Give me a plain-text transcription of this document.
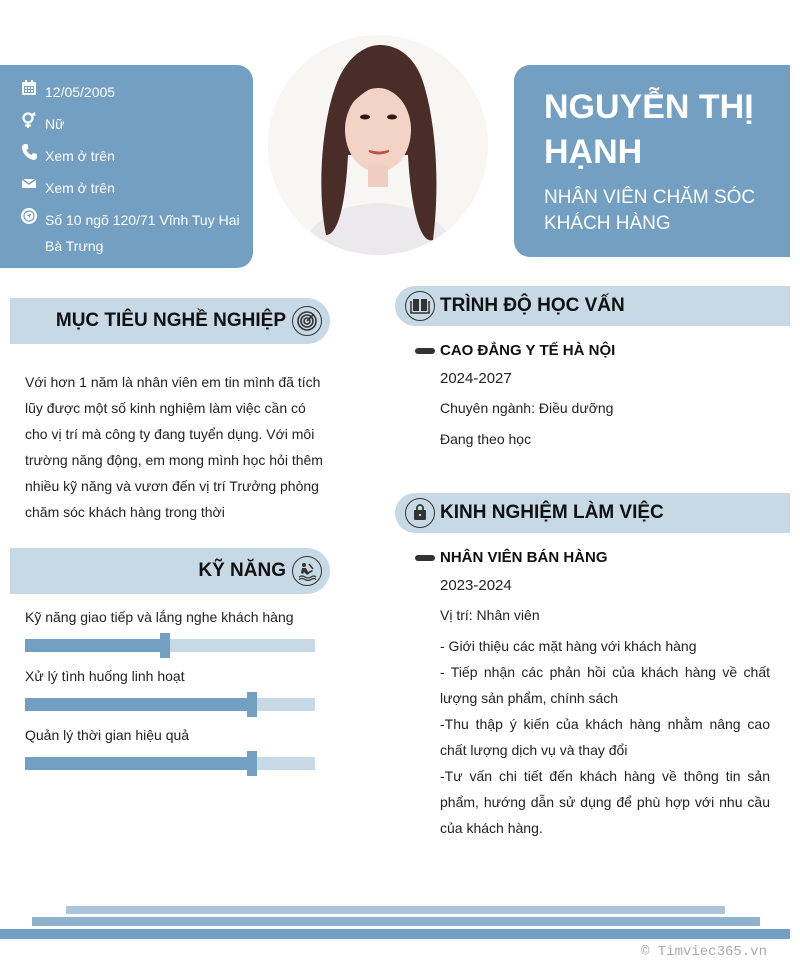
12/05/2005
Nữ
Xem ở trên
Xem ở trên
Số 10 ngõ 120/71 Vĩnh Tuy Hai Bà Trưng
NGUYỄN THỊ HẠNH
NHÂN VIÊN CHĂM SÓC KHÁCH HÀNG
MỤC TIÊU NGHỀ NGHIỆP
Với hơn 1 năm là nhân viên em tin mình đã tích lũy được một số kinh nghiệm làm việc cần có cho vị trí mà công ty đang tuyển dụng. Với môi trường năng động, em mong mình học hỏi thêm nhiều kỹ năng và vươn đến vị trí Trưởng phòng chăm sóc khách hàng trong thời
KỸ NĂNG
Kỹ năng giao tiếp và lắng nghe khách hàng
Xử lý tình huống linh hoạt
Quản lý thời gian hiệu quả
TRÌNH ĐỘ HỌC VẤN
CAO ĐẲNG Y TẾ HÀ NỘI
2024-2027
Chuyên ngành: Điều dưỡng
Đang theo học
KINH NGHIỆM LÀM VIỆC
NHÂN VIÊN BÁN HÀNG
2023-2024
Vị trí: Nhân viên
- Giới thiệu các mặt hàng với khách hàng
- Tiếp nhận các phản hồi của khách hàng về chất lượng sản phẩm, chính sách
-Thu thập ý kiến của khách hàng nhằm nâng cao chất lượng dịch vụ và thay đổi
-Tư vấn chi tiết đến khách hàng về thông tin sản phẩm, hướng dẫn sử dụng để phù hợp với nhu cầu của khách hàng.
© Timviec365.vn
